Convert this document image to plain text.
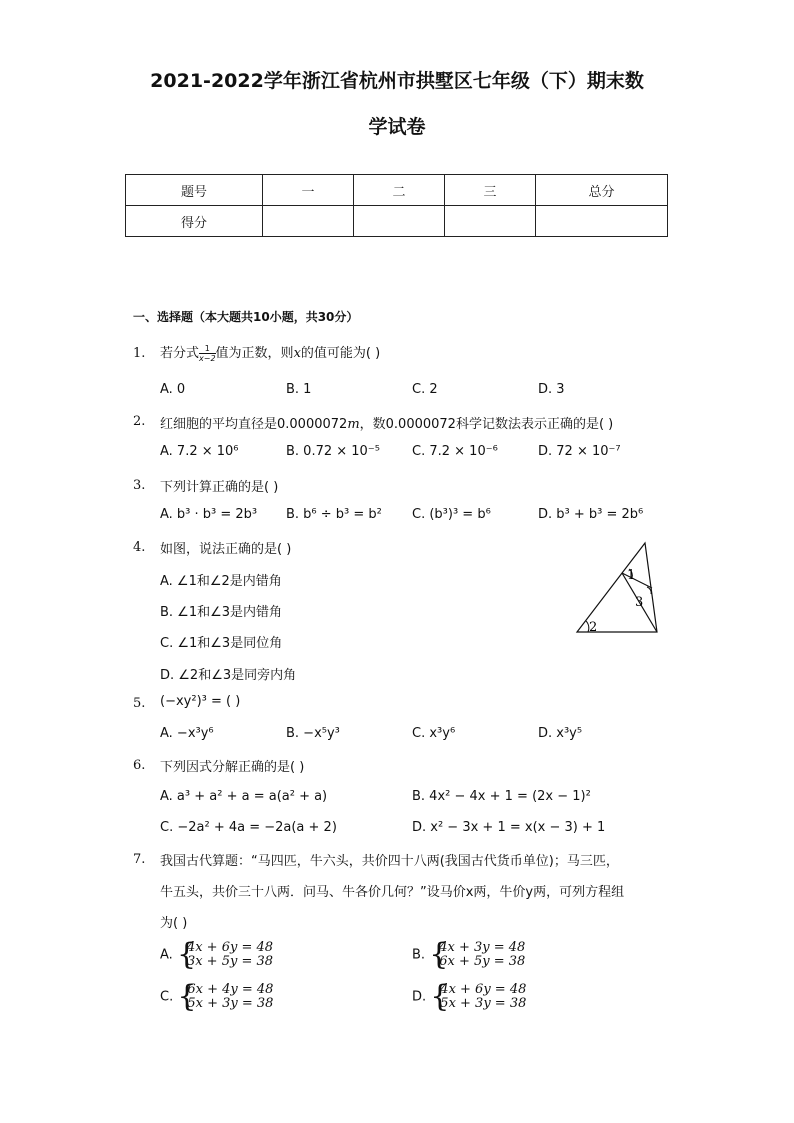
2021-2022学年浙江省杭州市拱墅区七年级（下）期末数
学试卷
题号	一	二	三	总分
得分				
一、选择题（本大题共10小题，共30分）
1. 若分式 $\frac{1}{x-2}$ 值为正数，则x的值可能为( )
A. 0	B. 1	C. 2	D. 3
2. 红细胞的平均直径是0.0000072m，数0.0000072科学记数法表示正确的是( )
A. 7.2 × 10⁶	B. 0.72 × 10⁻⁵ C. 7.2 × 10⁻⁶	D. 72 × 10⁻⁷
3. 下列计算正确的是( )
A. b³ · b³ = 2b³ B. b⁶ ÷ b³ = b² C. (b³)³ = b⁶	D. b³ + b³ = 2b⁶
4. 如图，说法正确的是( )
A. ∠1和∠2是内错角
B. ∠1和∠3是内错角
C. ∠1和∠3是同位角
D. ∠2和∠3是同旁内角
1
3
2
5. (−xy²)³ = ( )
A. −x³y⁶	B. −x⁵y³	C. x³y⁶	D. x³y⁵
6. 下列因式分解正确的是( )
A. a³ + a² + a = a(a² + a)	B. 4x² − 4x + 1 = (2x − 1)²
C. −2a² + 4a = −2a(a + 2)	D. x² − 3x + 1 = x(x − 3) + 1
7. 我国古代算题：“马四匹，牛六头，共价四十八两(我国古代货币单位)；马三匹，
牛五头，共价三十八两．问马、牛各价几何？”设马价x两，牛价y两，可列方程组
为( )
A. {
4x + 6y = 48
3x + 5y = 38	B. {
4x + 3y = 48
6x + 5y = 38
C. {
6x + 4y = 48
5x + 3y = 38	D. {
4x + 6y = 48
5x + 3y = 38
